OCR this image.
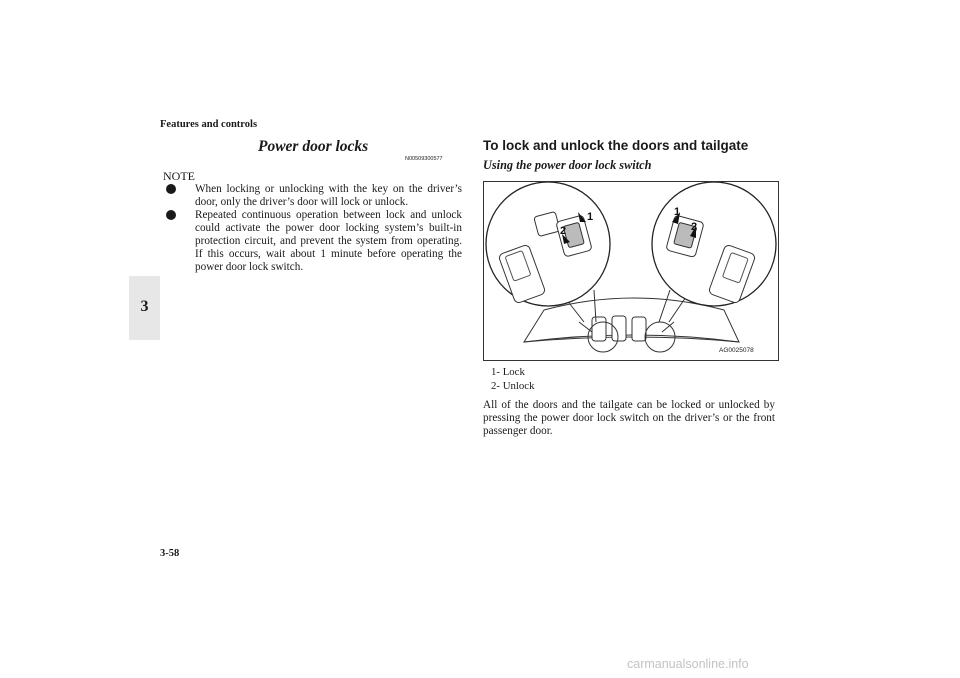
Features and controls
3
Power door locks
N00509300577
NOTE
When locking or unlocking with the key on the driver’s door, only the driver’s door will lock or unlock.
Repeated continuous operation between lock and unlock could activate the power door locking system’s built-in protection circuit, and prevent the system from operating. If this occurs, wait about 1 minute before operating the power door lock switch.
To lock and unlock the doors and tailgate
Using the power door lock switch
1
2
1
2
AG0025078
1- Lock
2- Unlock
All of the doors and the tailgate can be locked or unlocked by pressing the power door lock switch on the driver’s or the front passenger door.
3-58
carmanualsonline.info
